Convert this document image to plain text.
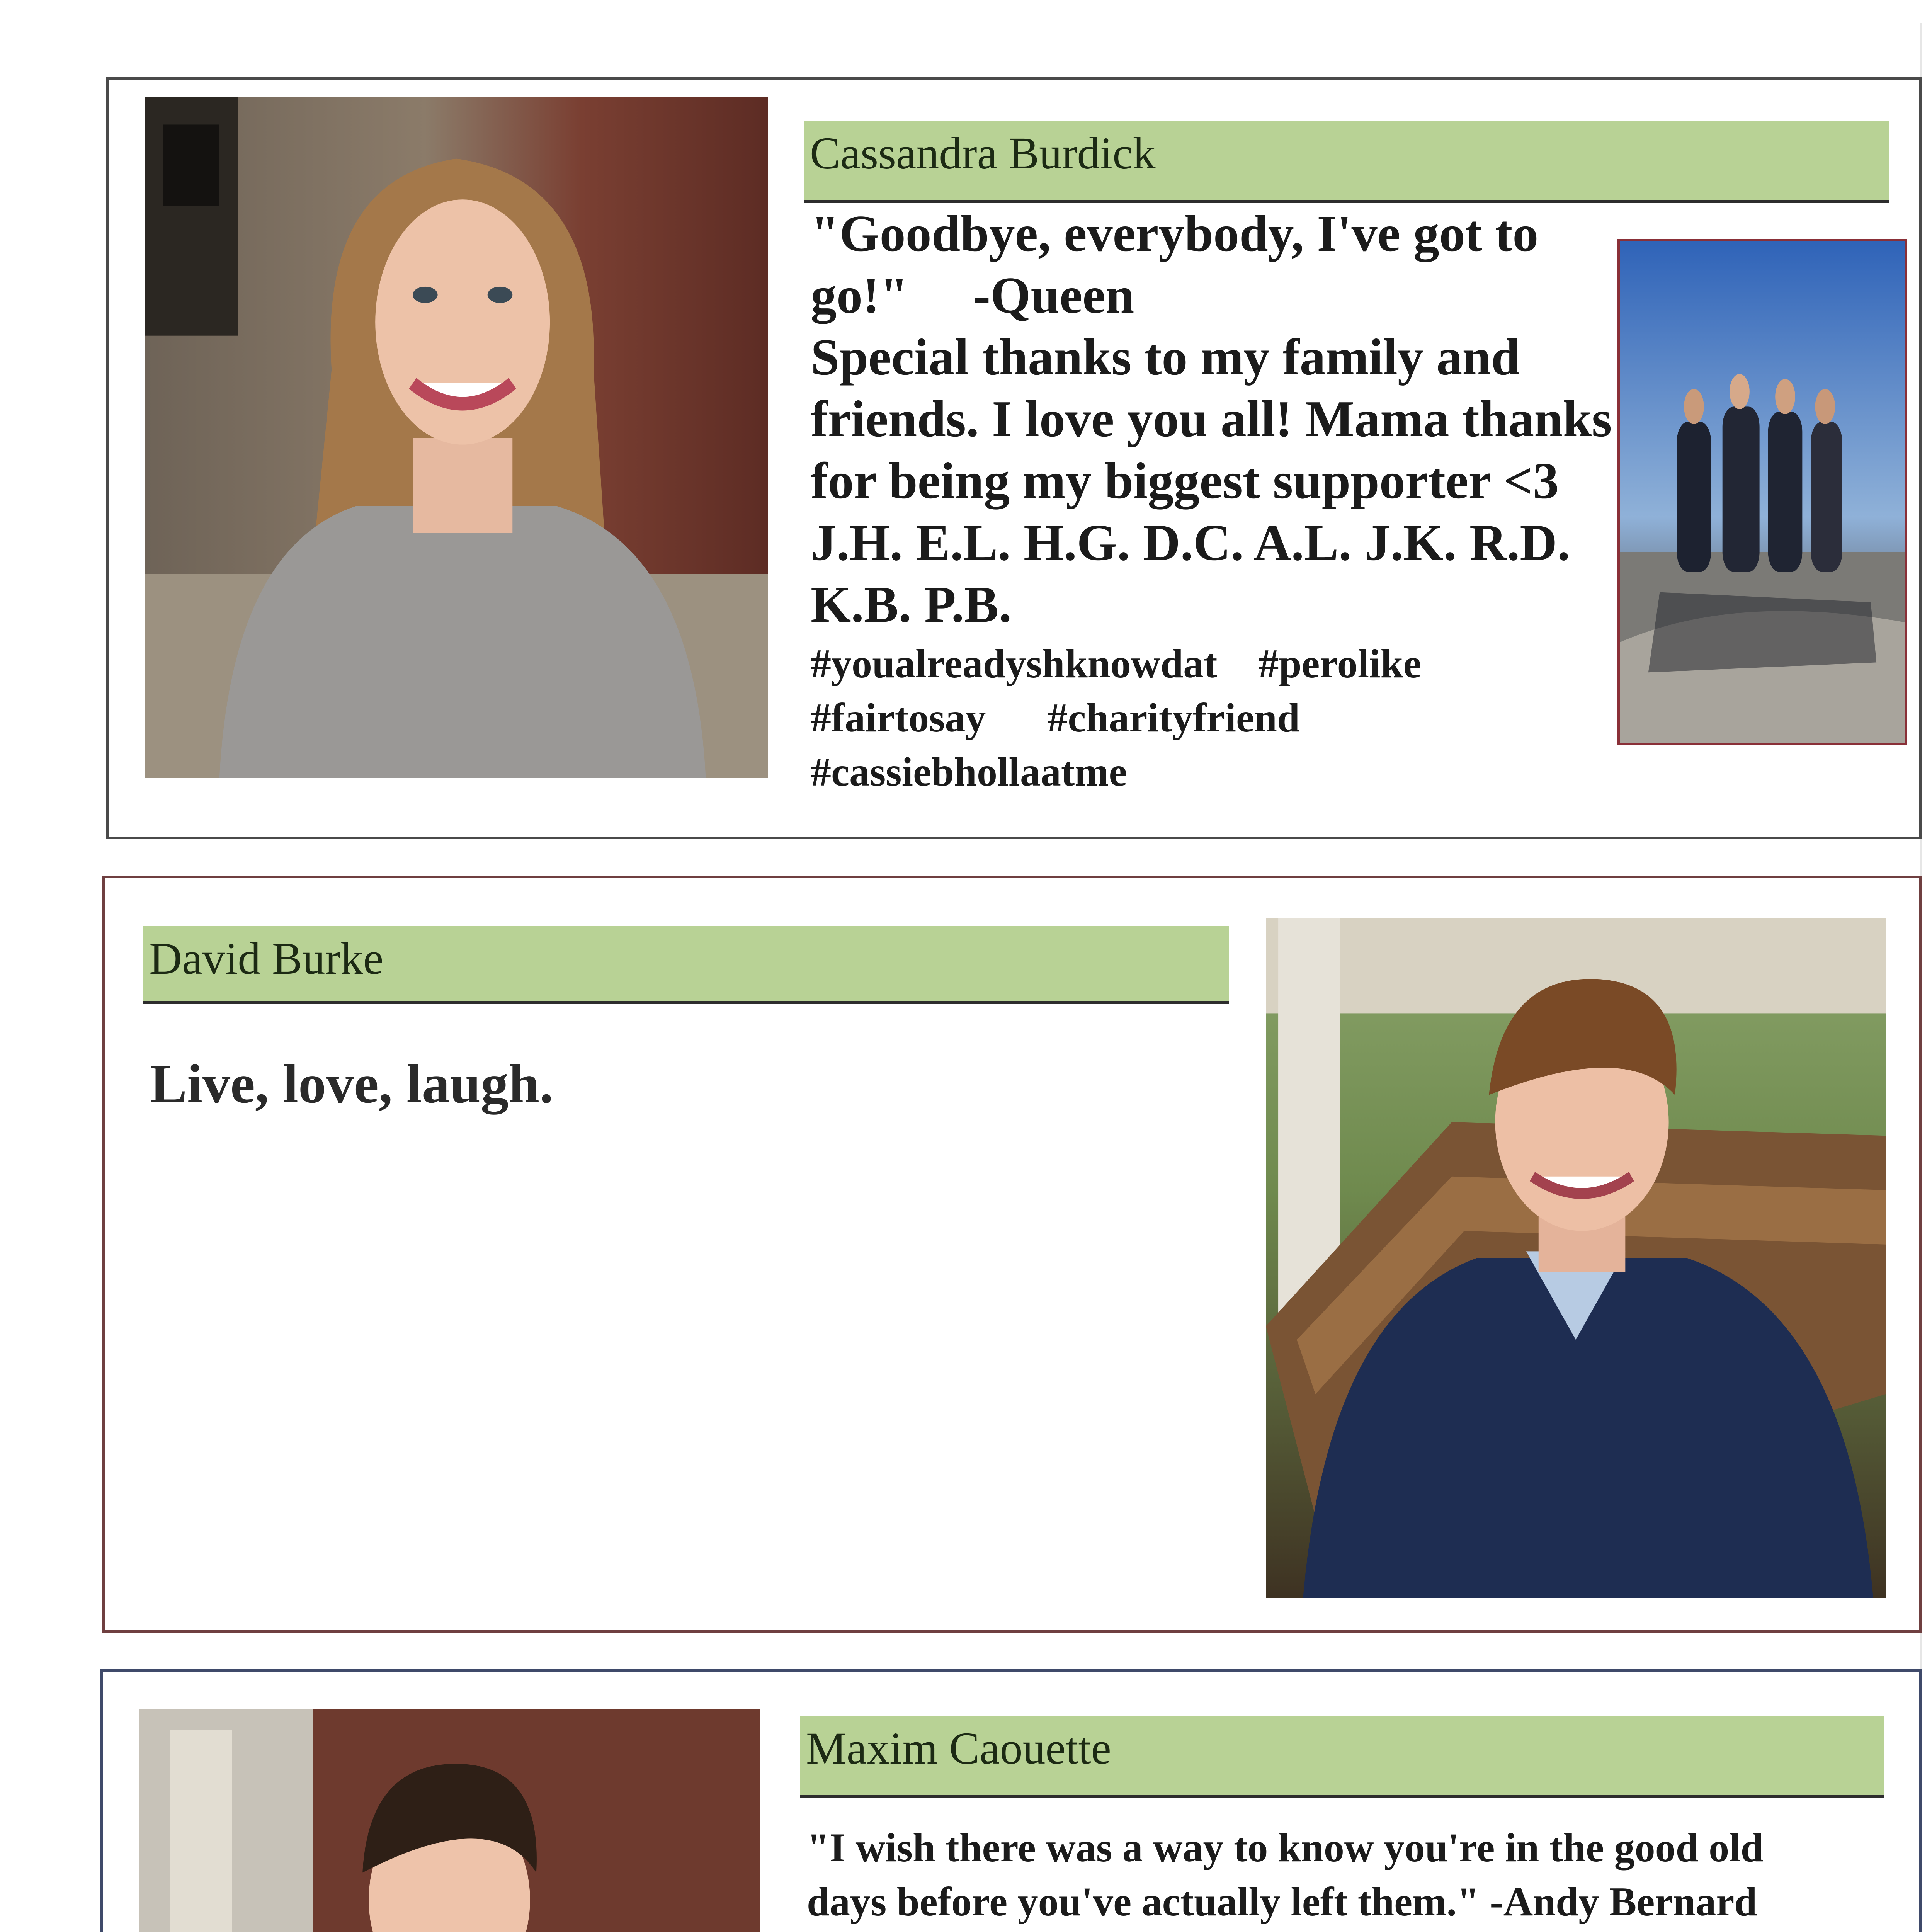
Cassandra Burdick
"Goodbye, everybody, I've got to
go!"     -Queen
Special thanks to my family and
friends. I love you all! Mama thanks
for being my biggest supporter <3
J.H. E.L. H.G. D.C. A.L. J.K. R.D.
K.B. P.B.
#youalreadyshknowdat    #perolike
#fairtosay      #charityfriend
#cassiebhollaatme
David Burke
Live, love, laugh.
Maxim Caouette
"I wish there was a way to know you're in the good old
days before you've actually left them." -Andy Bernard
